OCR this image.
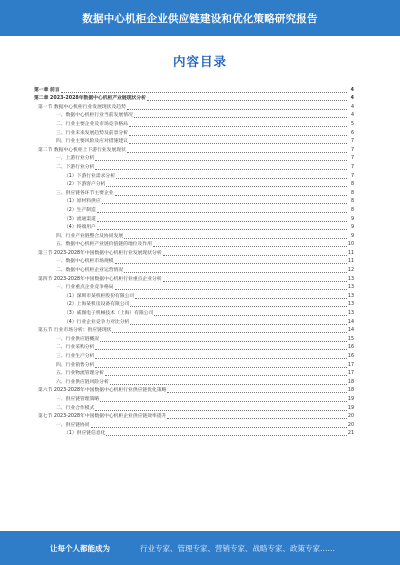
数据中心机柜企业供应链建设和优化策略研究报告
内容目录
第一章 前言	4
第二章 2023-2028年数据中心机柜产业链现状分析	4
第一节 数据中心机柜行业发展现状及趋势	4
一、数据中心机柜行业当前发展情况	4
二、行业主要企业及市场竞争格局	5
三、行业未来发展趋势及前景分析	6
四、行业主要风险及应对措施建议	7
第二节 数据中心机柜上下游行业发展现状	7
一、上游行业分析	7
二、下游行业分析	7
（1）下游行业需求分析	7
（2）下游客户分析	8
三、供应链各环节主要企业	8
（1）原材料供应	8
（2）生产制造	8
（3）流通渠道	9
（4）终端用户	9
四、行业产业链整合及协同发展	9
五、数据中心机柜产业链价值链的地位及作用	10
第三节 2023-2028年中国数据中心机柜行业发展现状分析	11
一、数据中心机柜市场规模	11
二、数据中心机柜企业运营情况	12
第四节 2023-2028年中国数据中心机柜行业重点企业分析	13
一、行业重点企业竞争格局	13
（1）深圳市某机柜股份有限公司	13
（2）上海某机房设备有限公司	13
（3）威图电子机械技术（上海）有限公司	13
（4）行业企业竞争力对比分析	14
第五节 行业市场分析：供应链现状	14
一、行业供应链概况	15
二、行业采购分析	16
三、行业生产分析	16
四、行业销售分析	17
五、行业物流管理分析	17
六、行业供应链风险分析	18
第六节 2023-2028年中国数据中心机柜行业供应链优化策略	18
一、供应链管理策略	19
二、行业合作模式	19
第七节 2023-2028年中国数据中心机柜企业供应链效率提升	20
一、供应链协同	20
（1）供应链信息化	21
让每个人都能成为	行业专家、管理专家、营销专家、战略专家、政策专家……
